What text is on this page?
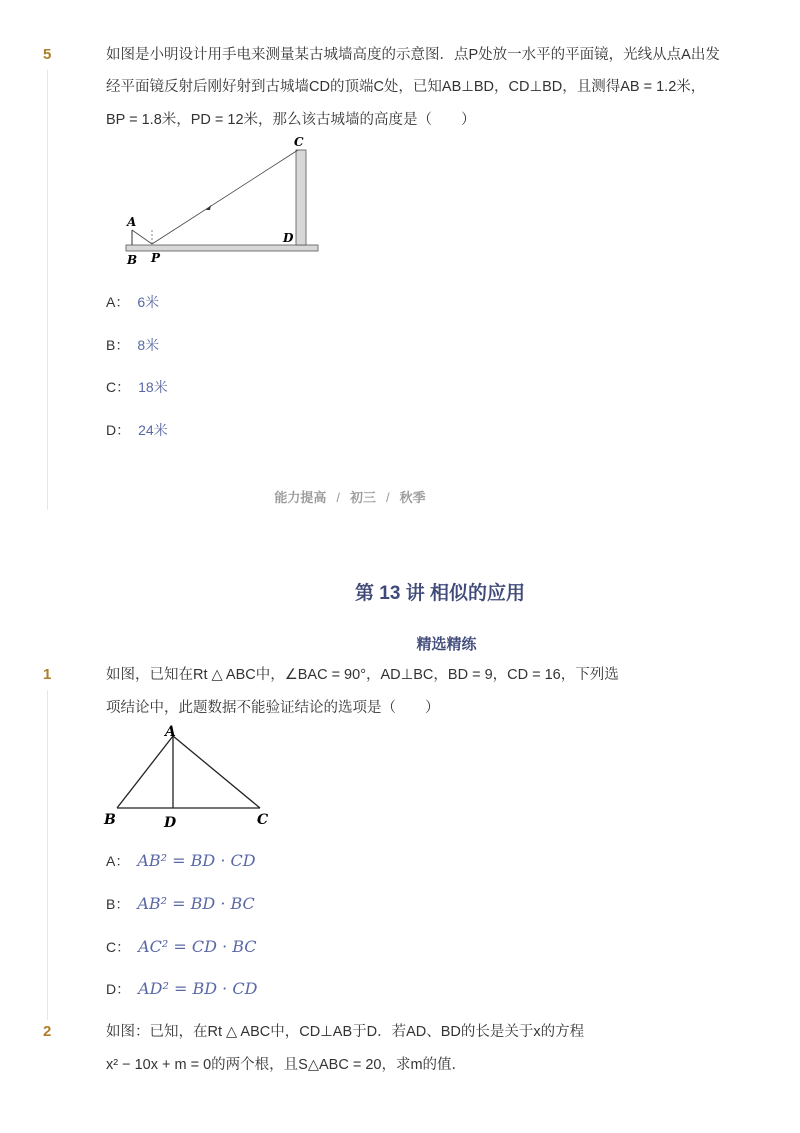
5	如图是小明设计用手电来测量某古城墙高度的示意图．点P处放一水平的平面镜，光线从点A出发
经平面镜反射后刚好射到古城墙CD的顶端C处，已知AB⊥BD，CD⊥BD，且测得AB = 1.2米，
BP = 1.8米，PD = 12米，那么该古城墙的高度是（　　）
A
B P
C
D
A： 6米
B： 8米
C： 18米
D： 24米
能力提高 / 初三 / 秋季
第 13 讲 相似的应用
精选精练
1	如图，已知在Rt △ ABC中，∠BAC = 90°，AD⊥BC，BD = 9，CD = 16，下列选
项结论中，此题数据不能验证结论的选项是（　　）
A
B	D	C
A： AB² = BD · CD
B： AB² = BD · BC
C： AC² = CD · BC
D： AD² = BD · CD
2	如图：已知，在Rt △ ABC中，CD⊥AB于D．若AD、BD的长是关于x的方程
x² − 10x + m = 0的两个根，且S△ABC = 20，求m的值．
